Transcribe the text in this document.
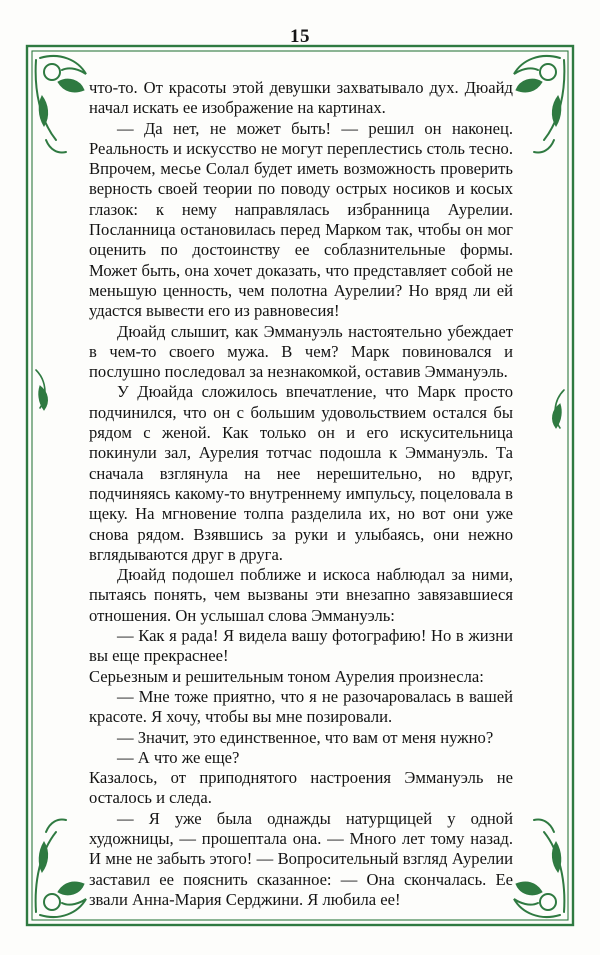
15

что-то. От красоты этой девушки захватывало дух. Дюайд начал искать ее изображение на картинах.

— Да нет, не может быть! — решил он наконец. Реальность и искусство не могут переплестись столь тесно. Впрочем, месье Солал будет иметь возможность проверить верность своей теории по поводу острых носиков и косых глазок: к нему направлялась избранница Аурелии. Посланница остановилась перед Марком так, чтобы он мог оценить по достоинству ее соблазнительные формы. Может быть, она хочет доказать, что представляет собой не меньшую ценность, чем полотна Аурелии? Но вряд ли ей удастся вывести его из равновесия!

Дюайд слышит, как Эммануэль настоятельно убеждает в чем-то своего мужа. В чем? Марк повиновался и послушно последовал за незнакомкой, оставив Эммануэль.

У Дюайда сложилось впечатление, что Марк просто подчинился, что он с большим удовольствием остался бы рядом с женой. Как только он и его искусительница покинули зал, Аурелия тотчас подошла к Эммануэль. Та сначала взглянула на нее нерешительно, но вдруг, подчиняясь какому-то внутреннему импульсу, поцеловала в щеку. На мгновение толпа разделила их, но вот они уже снова рядом. Взявшись за руки и улыбаясь, они нежно вглядываются друг в друга.

Дюайд подошел поближе и искоса наблюдал за ними, пытаясь понять, чем вызваны эти внезапно завязавшиеся отношения. Он услышал слова Эммануэль:

— Как я рада! Я видела вашу фотографию! Но в жизни вы еще прекраснее!

Серьезным и решительным тоном Аурелия произнесла:

— Мне тоже приятно, что я не разочаровалась в вашей красоте. Я хочу, чтобы вы мне позировали.

— Значит, это единственное, что вам от меня нужно?

— А что же еще?

Казалось, от приподнятого настроения Эммануэль не осталось и следа.

— Я уже была однажды натурщицей у одной художницы, — прошептала она. — Много лет тому назад. И мне не забыть этого! — Вопросительный взгляд Аурелии заставил ее пояснить сказанное: — Она скончалась. Ее звали Анна-Мария Серджини. Я любила ее!
